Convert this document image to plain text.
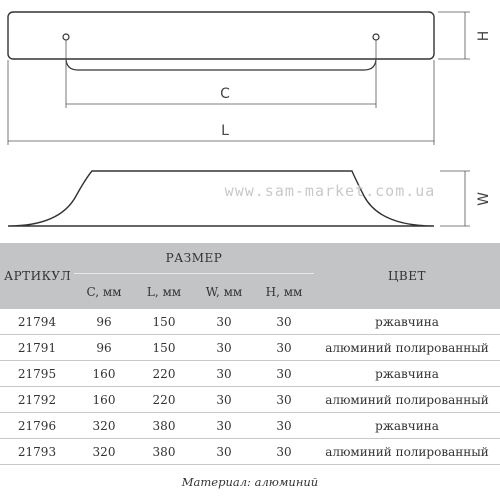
H
C
L
www.sam-market.com.ua	W
АРТИКУЛ	РАЗМЕР				ЦВЕТ
	C, мм	L, мм	W, мм	H, мм	
21794	96	150	30	30	ржавчина
21791	96	150	30	30	алюминий полированный
21795	160	220	30	30	ржавчина
21792	160	220	30	30	алюминий полированный
21796	320	380	30	30	ржавчина
21793	320	380	30	30	алюминий полированный
Материал: алюминий
